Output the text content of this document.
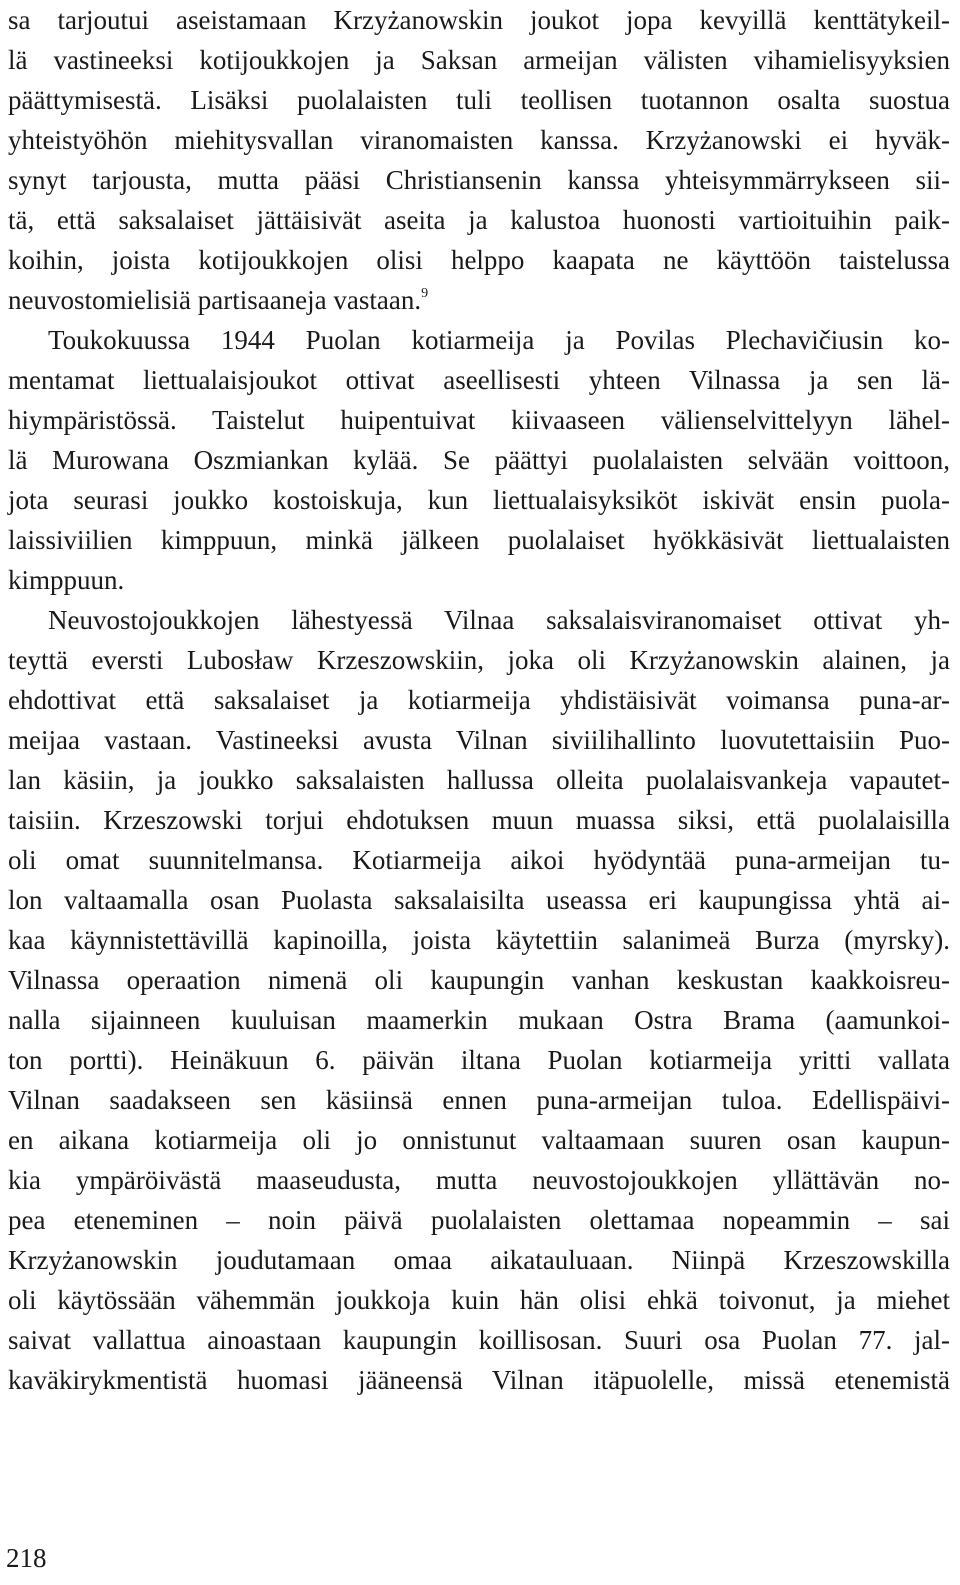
sa tarjoutui aseistamaan Krzyżanowskin joukot jopa kevyillä kenttätykeil-
lä vastineeksi kotijoukkojen ja Saksan armeijan välisten vihamielisyyksien
päättymisestä. Lisäksi puolalaisten tuli teollisen tuotannon osalta suostua
yhteistyöhön miehitysvallan viranomaisten kanssa. Krzyżanowski ei hyväk-
synyt tarjousta, mutta pääsi Christiansenin kanssa yhteisymmärrykseen sii-
tä, että saksalaiset jättäisivät aseita ja kalustoa huonosti vartioituihin paik-
koihin, joista kotijoukkojen olisi helppo kaapata ne käyttöön taistelussa
neuvostomielisiä partisaaneja vastaan.$^9$
Toukokuussa 1944 Puolan kotiarmeija ja Povilas Plechavičiusin ko-
mentamat liettualaisjoukot ottivat aseellisesti yhteen Vilnassa ja sen lä-
hiympäristössä. Taistelut huipentuivat kiivaaseen välienselvittelyyn lähel-
lä Murowana Oszmiankan kylää. Se päättyi puolalaisten selvään voittoon,
jota seurasi joukko kostoiskuja, kun liettualaisyksiköt iskivät ensin puola-
laissiviilien kimppuun, minkä jälkeen puolalaiset hyökkäsivät liettualaisten
kimppuun.
Neuvostojoukkojen lähestyessä Vilnaa saksalaisviranomaiset ottivat yh-
teyttä eversti Lubosław Krzeszowskiin, joka oli Krzyżanowskin alainen, ja
ehdottivat että saksalaiset ja kotiarmeija yhdistäisivät voimansa puna-ar-
meijaa vastaan. Vastineeksi avusta Vilnan siviilihallinto luovutettaisiin Puo-
lan käsiin, ja joukko saksalaisten hallussa olleita puolalaisvankeja vapautet-
taisiin. Krzeszowski torjui ehdotuksen muun muassa siksi, että puolalaisilla
oli omat suunnitelmansa. Kotiarmeija aikoi hyödyntää puna-armeijan tu-
lon valtaamalla osan Puolasta saksalaisilta useassa eri kaupungissa yhtä ai-
kaa käynnistettävillä kapinoilla, joista käytettiin salanimeä Burza (myrsky).
Vilnassa operaation nimenä oli kaupungin vanhan keskustan kaakkoisreu-
nalla sijainneen kuuluisan maamerkin mukaan Ostra Brama (aamunkoi-
ton portti). Heinäkuun 6. päivän iltana Puolan kotiarmeija yritti vallata
Vilnan saadakseen sen käsiinsä ennen puna-armeijan tuloa. Edellispäivi-
en aikana kotiarmeija oli jo onnistunut valtaamaan suuren osan kaupun-
kia ympäröivästä maaseudusta, mutta neuvostojoukkojen yllättävän no-
pea eteneminen – noin päivä puolalaisten olettamaa nopeammin – sai
Krzyżanowskin joudutamaan omaa aikatauluaan. Niinpä Krzeszowskilla
oli käytössään vähemmän joukkoja kuin hän olisi ehkä toivonut, ja miehet
saivat vallattua ainoastaan kaupungin koillisosan. Suuri osa Puolan 77. jal-
kaväkirykmentistä huomasi jääneensä Vilnan itäpuolelle, missä etenemistä
218
